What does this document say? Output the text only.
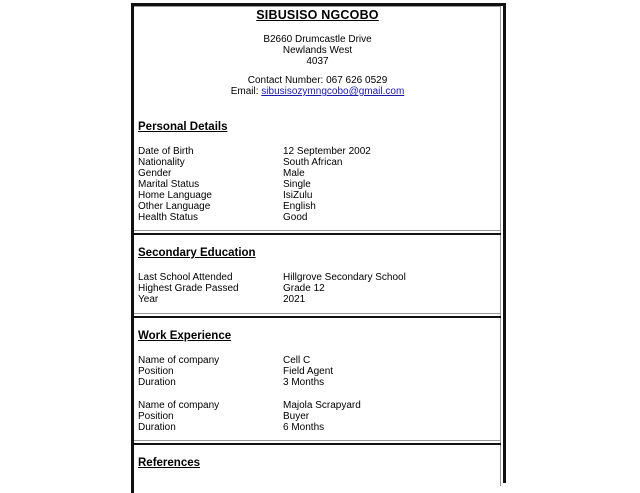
SIBUSISO NGCOBO
B2660 Drumcastle Drive
Newlands West
4037
Contact Number: 067 626 0529
Email: sibusisozymngcobo@gmail.com
Personal Details
Date of Birth	12 September 2002
Nationality	South African
Gender	Male
Marital Status	Single
Home Language	IsiZulu
Other Language	English
Health Status	Good
Secondary Education
Last School Attended	Hillgrove Secondary School
Highest Grade Passed	Grade 12
Year	2021
Work Experience
Name of company	Cell C
Position	Field Agent
Duration	3 Months
Name of company	Majola Scrapyard
Position	Buyer
Duration	6 Months
References
